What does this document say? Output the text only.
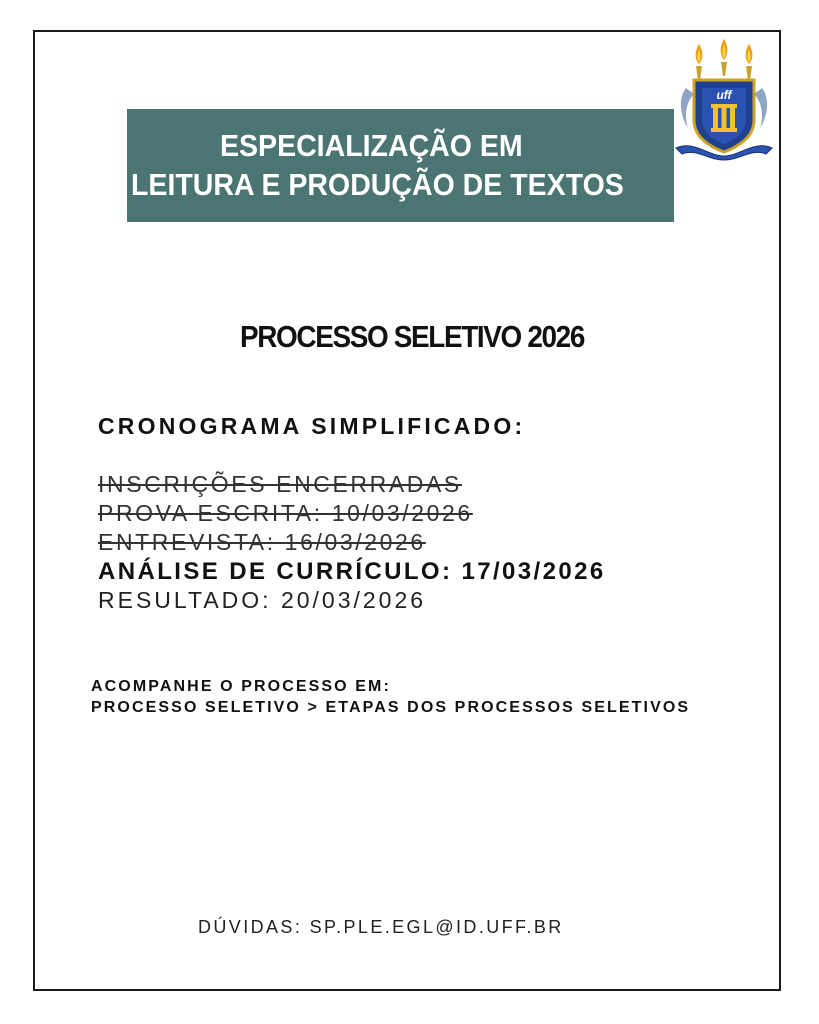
ESPECIALIZAÇÃO EM
LEITURA E PRODUÇÃO DE TEXTOS
uff
PROCESSO SELETIVO 2026
CRONOGRAMA SIMPLIFICADO:
INSCRIÇÕES ENCERRADAS
PROVA ESCRITA: 10/03/2026
ENTREVISTA: 16/03/2026
ANÁLISE DE CURRÍCULO: 17/03/2026
RESULTADO: 20/03/2026
ACOMPANHE O PROCESSO EM:
PROCESSO SELETIVO > ETAPAS DOS PROCESSOS SELETIVOS
DÚVIDAS: SP.PLE.EGL@ID.UFF.BR
